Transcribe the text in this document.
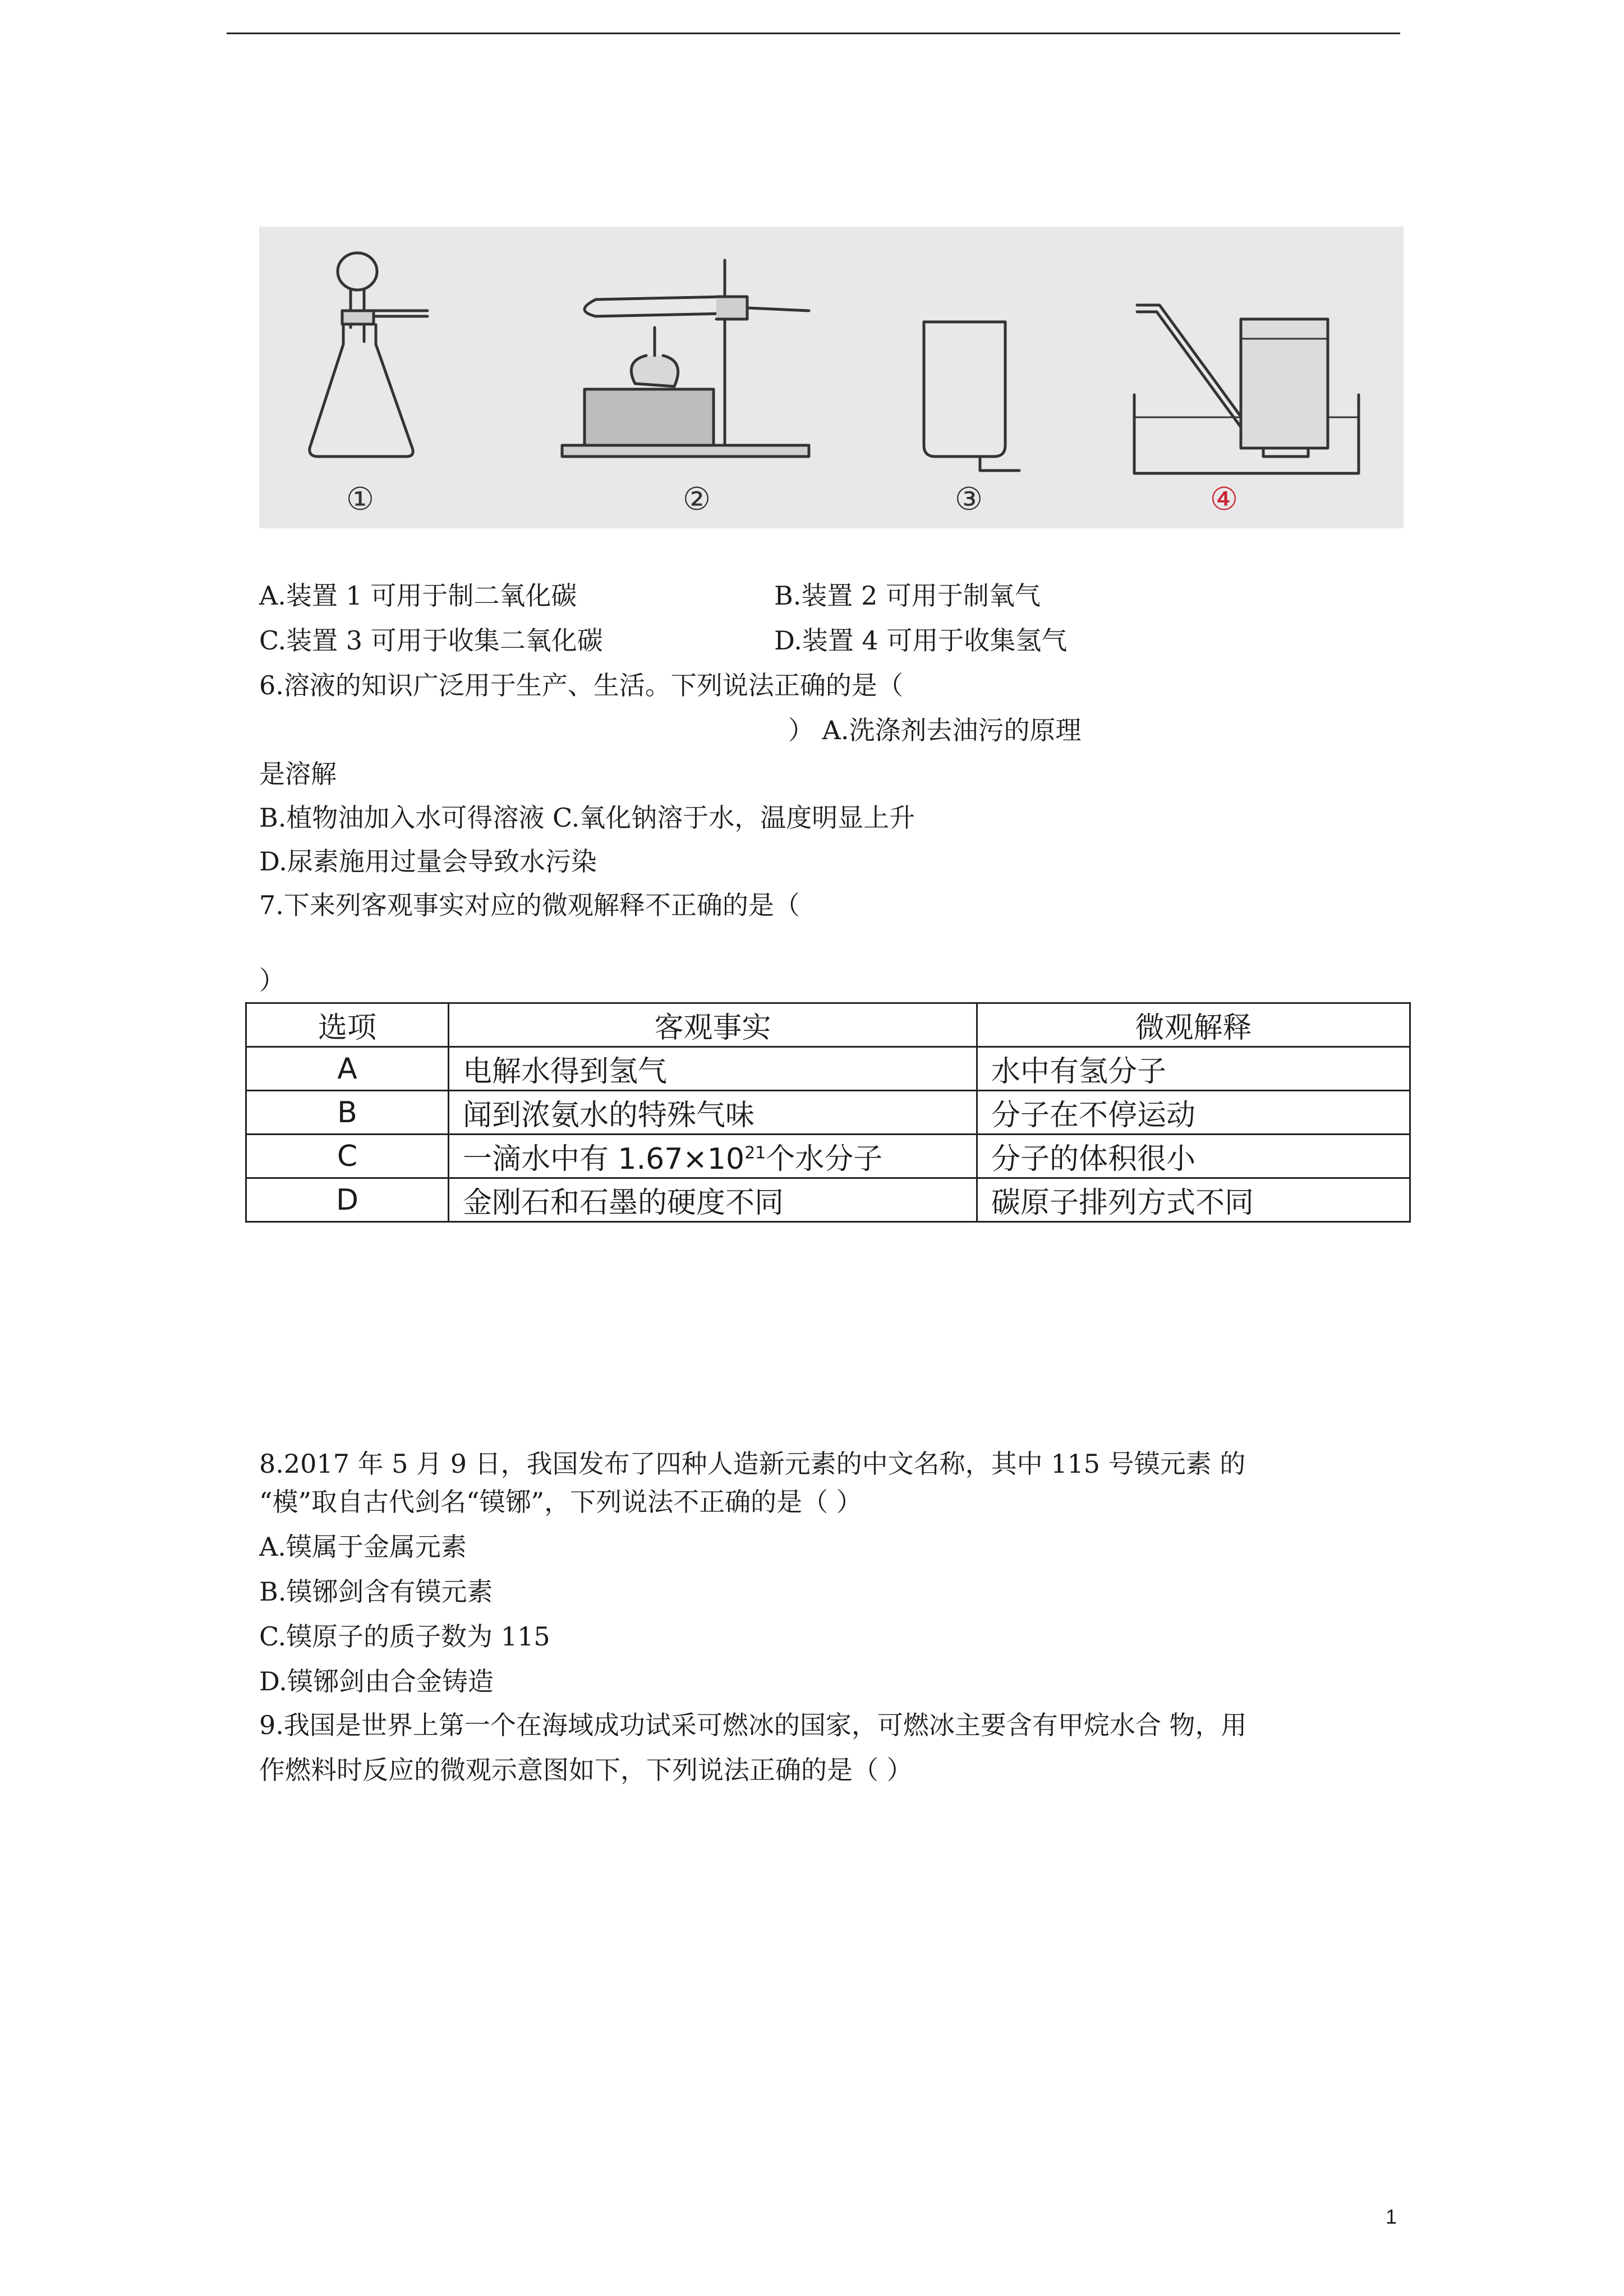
①	②	③	④
A.装置 1 可用于制二氧化碳	B.装置 2 可用于制氧气
C.装置 3 可用于收集二氧化碳	D.装置 4 可用于收集氢气
6.溶液的知识广泛用于生产、生活。下列说法正确的是（
） A.洗涤剂去油污的原理
是溶解
B.植物油加入水可得溶液 C.氧化钠溶于水，温度明显上升
D.尿素施用过量会导致水污染
7.下来列客观事实对应的微观解释不正确的是（
）
选项	客观事实	微观解释
A	电解水得到氢气	水中有氢分子
B	闻到浓氨水的特殊气味	分子在不停运动
C	一滴水中有 $1.67\times 10^{21}$个水分子	分子的体积很小
D	金刚石和石墨的硬度不同	碳原子排列方式不同
8.2017 年 5 月 9 日，我国发布了四种人造新元素的中文名称，其中 115 号镆元素 的
“模”取自古代剑名“镆铘”，下列说法不正确的是（ ）
A.镆属于金属元素
B.镆铘剑含有镆元素
C.镆原子的质子数为 115
D.镆铘剑由合金铸造
9.我国是世界上第一个在海域成功试采可燃冰的国家，可燃冰主要含有甲烷水合 物，用
作燃料时反应的微观示意图如下，下列说法正确的是（ ）
1
